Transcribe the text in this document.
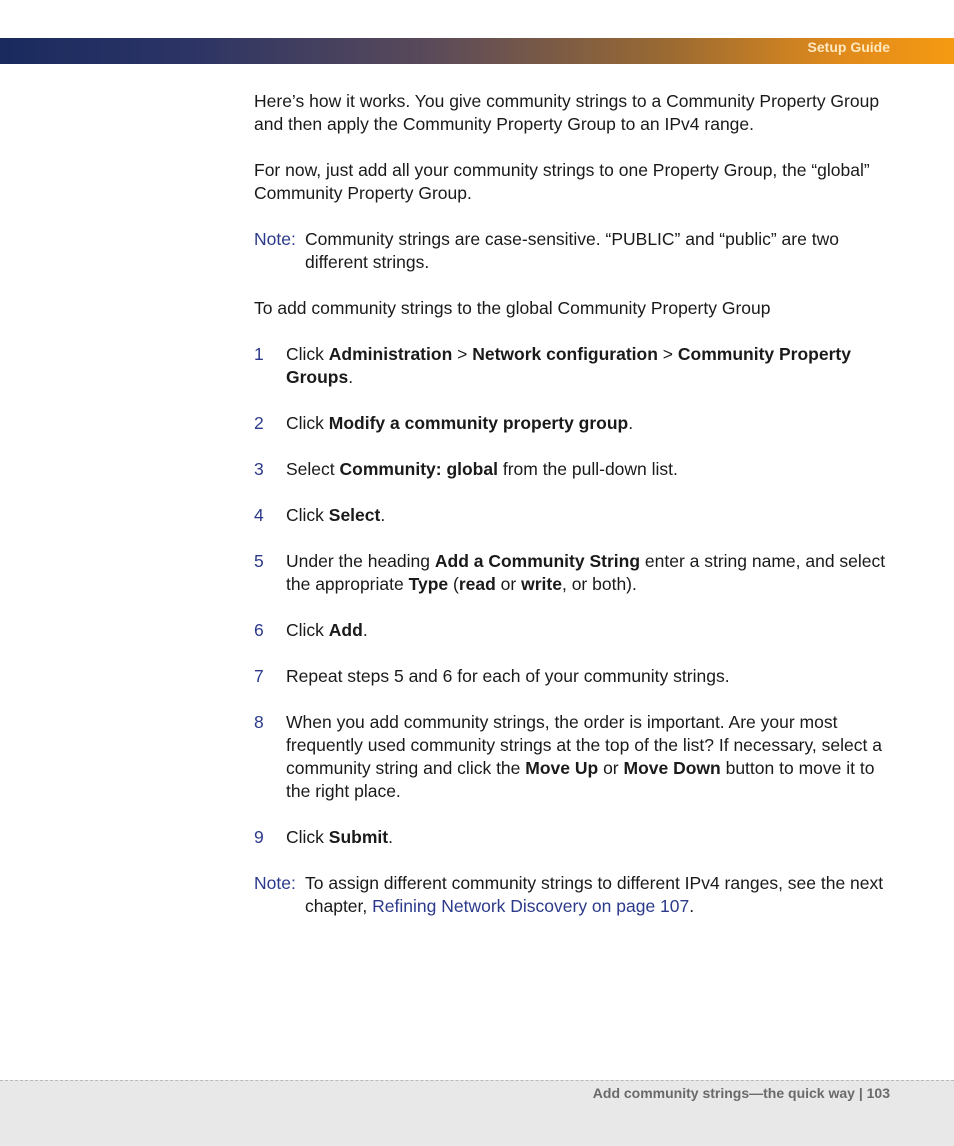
Setup Guide

Here’s how it works. You give community strings to a Community Property Group and then apply the Community Property Group to an IPv4 range.

For now, just add all your community strings to one Property Group, the “global” Community Property Group.

Note: Community strings are case-sensitive. “PUBLIC” and “public” are two different strings.

To add community strings to the global Community Property Group

1	Click Administration > Network configuration > Community Property Groups.
2	Click Modify a community property group.
3	Select Community: global from the pull-down list.
4	Click Select.
5	Under the heading Add a Community String enter a string name, and select the appropriate Type (read or write, or both).
6	Click Add.
7	Repeat steps 5 and 6 for each of your community strings.
8	When you add community strings, the order is important. Are your most frequently used community strings at the top of the list? If necessary, select a community string and click the Move Up or Move Down button to move it to the right place.
9	Click Submit.
Note: To assign different community strings to different IPv4 ranges, see the next chapter, Refining Network Discovery on page 107.
Add community strings—the quick way | 103
